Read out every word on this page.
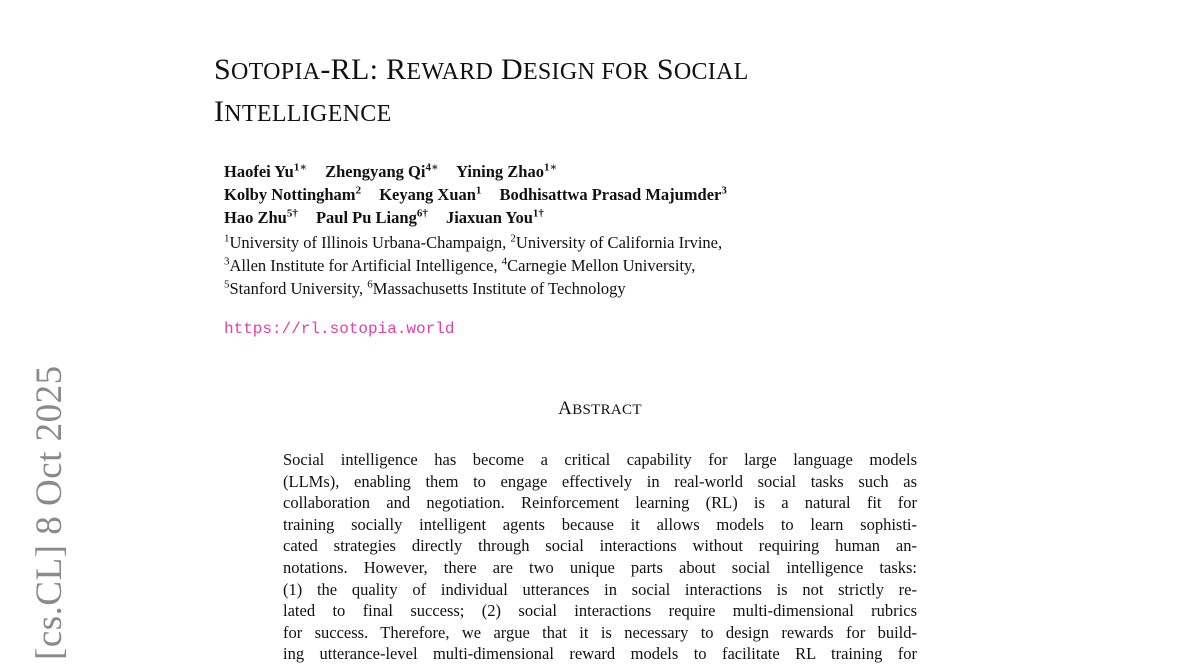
SOTOPIA-RL: REWARD DESIGN FOR SOCIAL
INTELLIGENCE
Haofei $Yu^{1∗}$ Zhengyang $Qi^{4∗}$ Yining Zhao$^{1∗}$
Kolby Nottingham$^2$ Keyang Xuan$^1$ Bodhisattwa Prasad Majumder$^3$
Hao Zhu$^{5\dagger}$ Paul Pu Liang$^{6\dagger}$ Jiaxuan You$^{1\dagger}$
$^1$University of Illinois Urbana-Champaign, $^2$University of California Irvine,
$^3$Allen Institute for Artificial Intelligence, $^4$Carnegie Mellon University,
$^5$Stanford University, $^6$Massachusetts Institute of Technology
https://rl.sotopia.world
ABSTRACT
Social intelligence has become a critical capability for large language models
(LLMs), enabling them to engage effectively in real-world social tasks such as
collaboration and negotiation. Reinforcement learning (RL) is a natural fit for
training socially intelligent agents because it allows models to learn sophisti-
cated strategies directly through social interactions without requiring human an-
notations. However, there are two unique parts about social intelligence tasks:
(1) the quality of individual utterances in social interactions is not strictly re-
lated to final success; (2) social interactions require multi-dimensional rubrics
for success. Therefore, we argue that it is necessary to design rewards for build-
ing utterance-level multi-dimensional reward models to facilitate RL training for
[cs.CL] 8 Oct 2025
